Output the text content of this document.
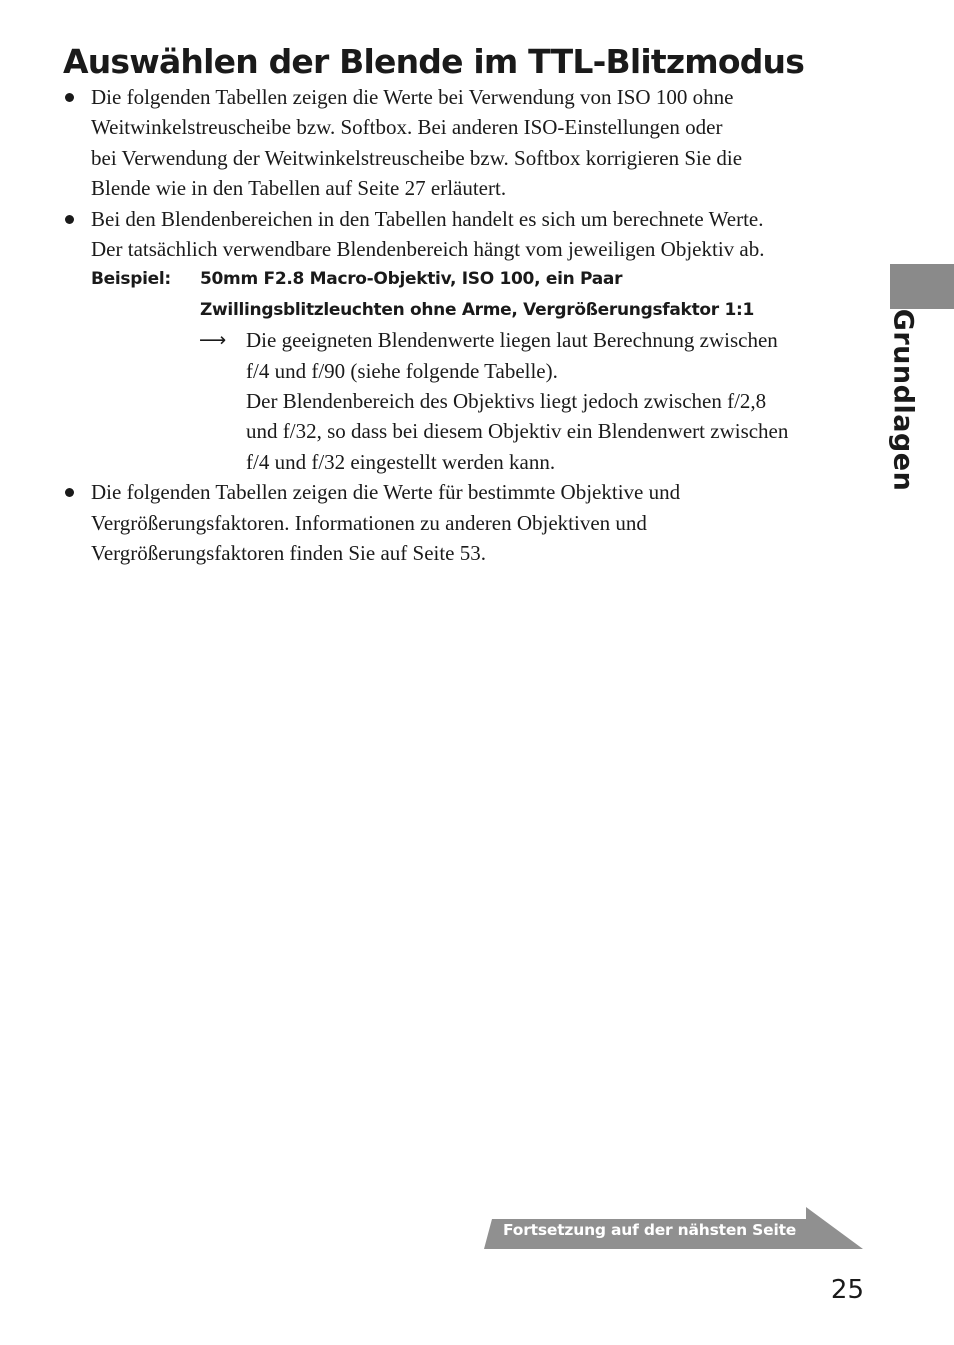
Auswählen der Blende im TTL-Blitzmodus
Die folgenden Tabellen zeigen die Werte bei Verwendung von ISO 100 ohne
Weitwinkelstreuscheibe bzw. Softbox. Bei anderen ISO-Einstellungen oder
bei Verwendung der Weitwinkelstreuscheibe bzw. Softbox korrigieren Sie die
Blende wie in den Tabellen auf Seite 27 erläutert.
Bei den Blendenbereichen in den Tabellen handelt es sich um berechnete Werte.
Der tatsächlich verwendbare Blendenbereich hängt vom jeweiligen Objektiv ab.
Beispiel: 50mm F2.8 Macro-Objektiv, ISO 100, ein Paar
Zwillingsblitzleuchten ohne Arme, Vergrößerungsfaktor 1:1
⟶ Die geeigneten Blendenwerte liegen laut Berechnung zwischen
f/4 und f/90 (siehe folgende Tabelle).
Der Blendenbereich des Objektivs liegt jedoch zwischen f/2,8
und f/32, so dass bei diesem Objektiv ein Blendenwert zwischen
f/4 und f/32 eingestellt werden kann.
Die folgenden Tabellen zeigen die Werte für bestimmte Objektive und
Vergrößerungsfaktoren. Informationen zu anderen Objektiven und
Vergrößerungsfaktoren finden Sie auf Seite 53.
Grundlagen
Fortsetzung auf der nähsten Seite
25
